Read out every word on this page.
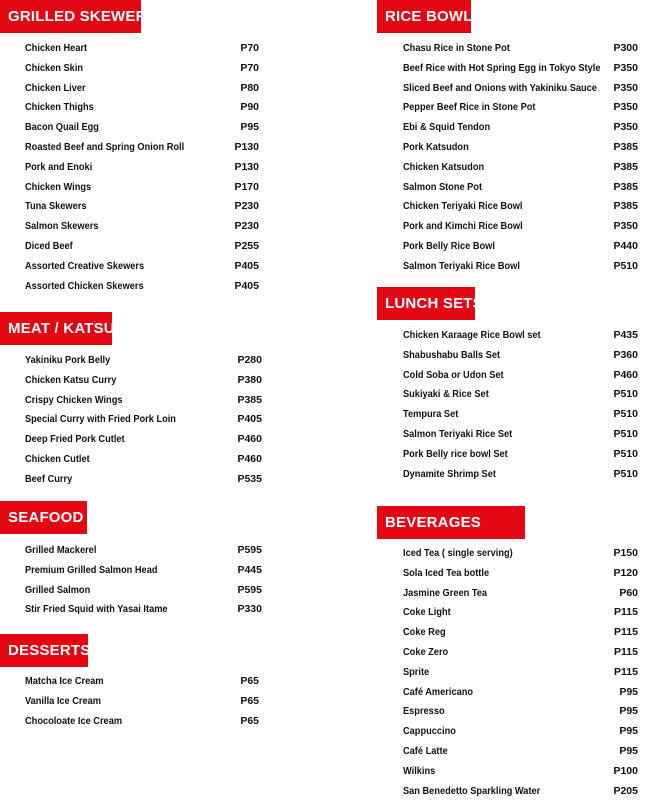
GRILLED SKEWERS
Chicken Heart	P70
Chicken Skin	P70
Chicken Liver	P80
Chicken Thighs	P90
Bacon Quail Egg	P95
Roasted Beef and Spring Onion Roll	P130
Pork and Enoki	P130
Chicken Wings	P170
Tuna Skewers	P230
Salmon Skewers	P230
Diced Beef	P255
Assorted Creative Skewers	P405
Assorted Chicken Skewers	P405
MEAT / KATSU
Yakiniku Pork Belly	P280
Chicken Katsu Curry	P380
Crispy Chicken Wings	P385
Special Curry with Fried Pork Loin	P405
Deep Fried Pork Cutlet	P460
Chicken Cutlet	P460
Beef Curry	P535
SEAFOOD
Grilled Mackerel	P595
Premium Grilled Salmon Head	P445
Grilled Salmon	P595
Stir Fried Squid with Yasai Itame	P330
DESSERTS
Matcha Ice Cream	P65
Vanilla Ice Cream	P65
Chocoloate Ice Cream	P65
RICE BOWLS
Chasu Rice in Stone Pot	P300
Beef Rice with Hot Spring Egg in Tokyo Style	P350
Sliced Beef and Onions with Yakiniku Sauce	P350
Pepper Beef Rice in Stone Pot	P350
Ebi & Squid Tendon	P350
Pork Katsudon	P385
Chicken Katsudon	P385
Salmon Stone Pot	P385
Chicken Teriyaki Rice Bowl	P385
Pork and Kimchi Rice Bowl	P350
Pork Belly Rice Bowl	P440
Salmon Teriyaki Rice Bowl	P510
LUNCH SETS
Chicken Karaage Rice Bowl set	P435
Shabushabu Balls Set	P360
Cold Soba or Udon Set	P460
Sukiyaki & Rice Set	P510
Tempura Set	P510
Salmon Teriyaki Rice Set	P510
Pork Belly rice bowl Set	P510
Dynamite Shrimp Set	P510
BEVERAGES
Iced Tea ( single serving)	P150
Sola Iced Tea bottle	P120
Jasmine Green Tea	P60
Coke Light	P115
Coke Reg	P115
Coke Zero	P115
Sprite	P115
Café Americano	P95
Espresso	P95
Cappuccino	P95
Café Latte	P95
Wilkins	P100
San Benedetto Sparkling Water	P205
